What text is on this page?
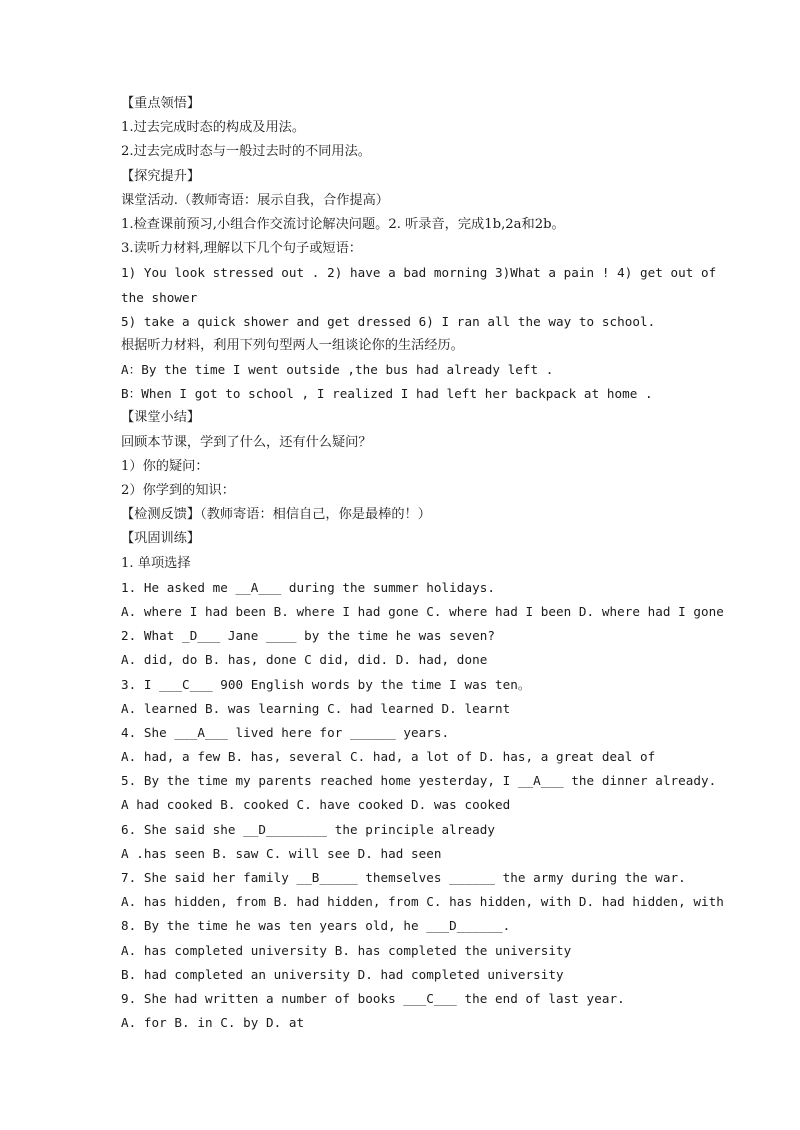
【重点领悟】
1.过去完成时态的构成及用法。
2.过去完成时态与一般过去时的不同用法。
【探究提升】
课堂活动.（教师寄语：展示自我，合作提高）
1.检查课前预习,小组合作交流讨论解决问题。2. 听录音，完成1b,2a和2b。
3.读听力材料,理解以下几个句子或短语：
1) You look stressed out . 2) have a bad morning 3)What a pain ! 4) get out of
the shower
5) take a quick shower and get dressed 6) I ran all the way to school.
根据听力材料，利用下列句型两人一组谈论你的生活经历。
A：By the time I went outside ,the bus had already left .
B：When I got to school , I realized I had left her backpack at home .
【课堂小结】
回顾本节课，学到了什么，还有什么疑问？
1）你的疑问：
2）你学到的知识：
【检测反馈】（教师寄语：相信自己，你是最棒的！）
【巩固训练】
1. 单项选择
1. He asked me __A___ during the summer holidays.
A. where I had been B. where I had gone C. where had I been D. where had I gone
2. What _D___ Jane ____ by the time he was seven?
A. did, do B. has, done C did, did. D. had, done
3. I ___C___ 900 English words by the time I was ten。
A. learned B. was learning C. had learned D. learnt
4. She ___A___ lived here for ______ years.
A. had, a few B. has, several C. had, a lot of D. has, a great deal of
5. By the time my parents reached home yesterday, I __A___ the dinner already.
A had cooked B. cooked C. have cooked D. was cooked
6. She said she __D________ the principle already
A .has seen B. saw C. will see D. had seen
7. She said her family __B_____ themselves ______ the army during the war.
A. has hidden, from B. had hidden, from C. has hidden, with D. had hidden, with
8. By the time he was ten years old, he ___D______.
A. has completed university B. has completed the university
B. had completed an university D. had completed university
9. She had written a number of books ___C___ the end of last year.
A. for B. in C. by D. at
